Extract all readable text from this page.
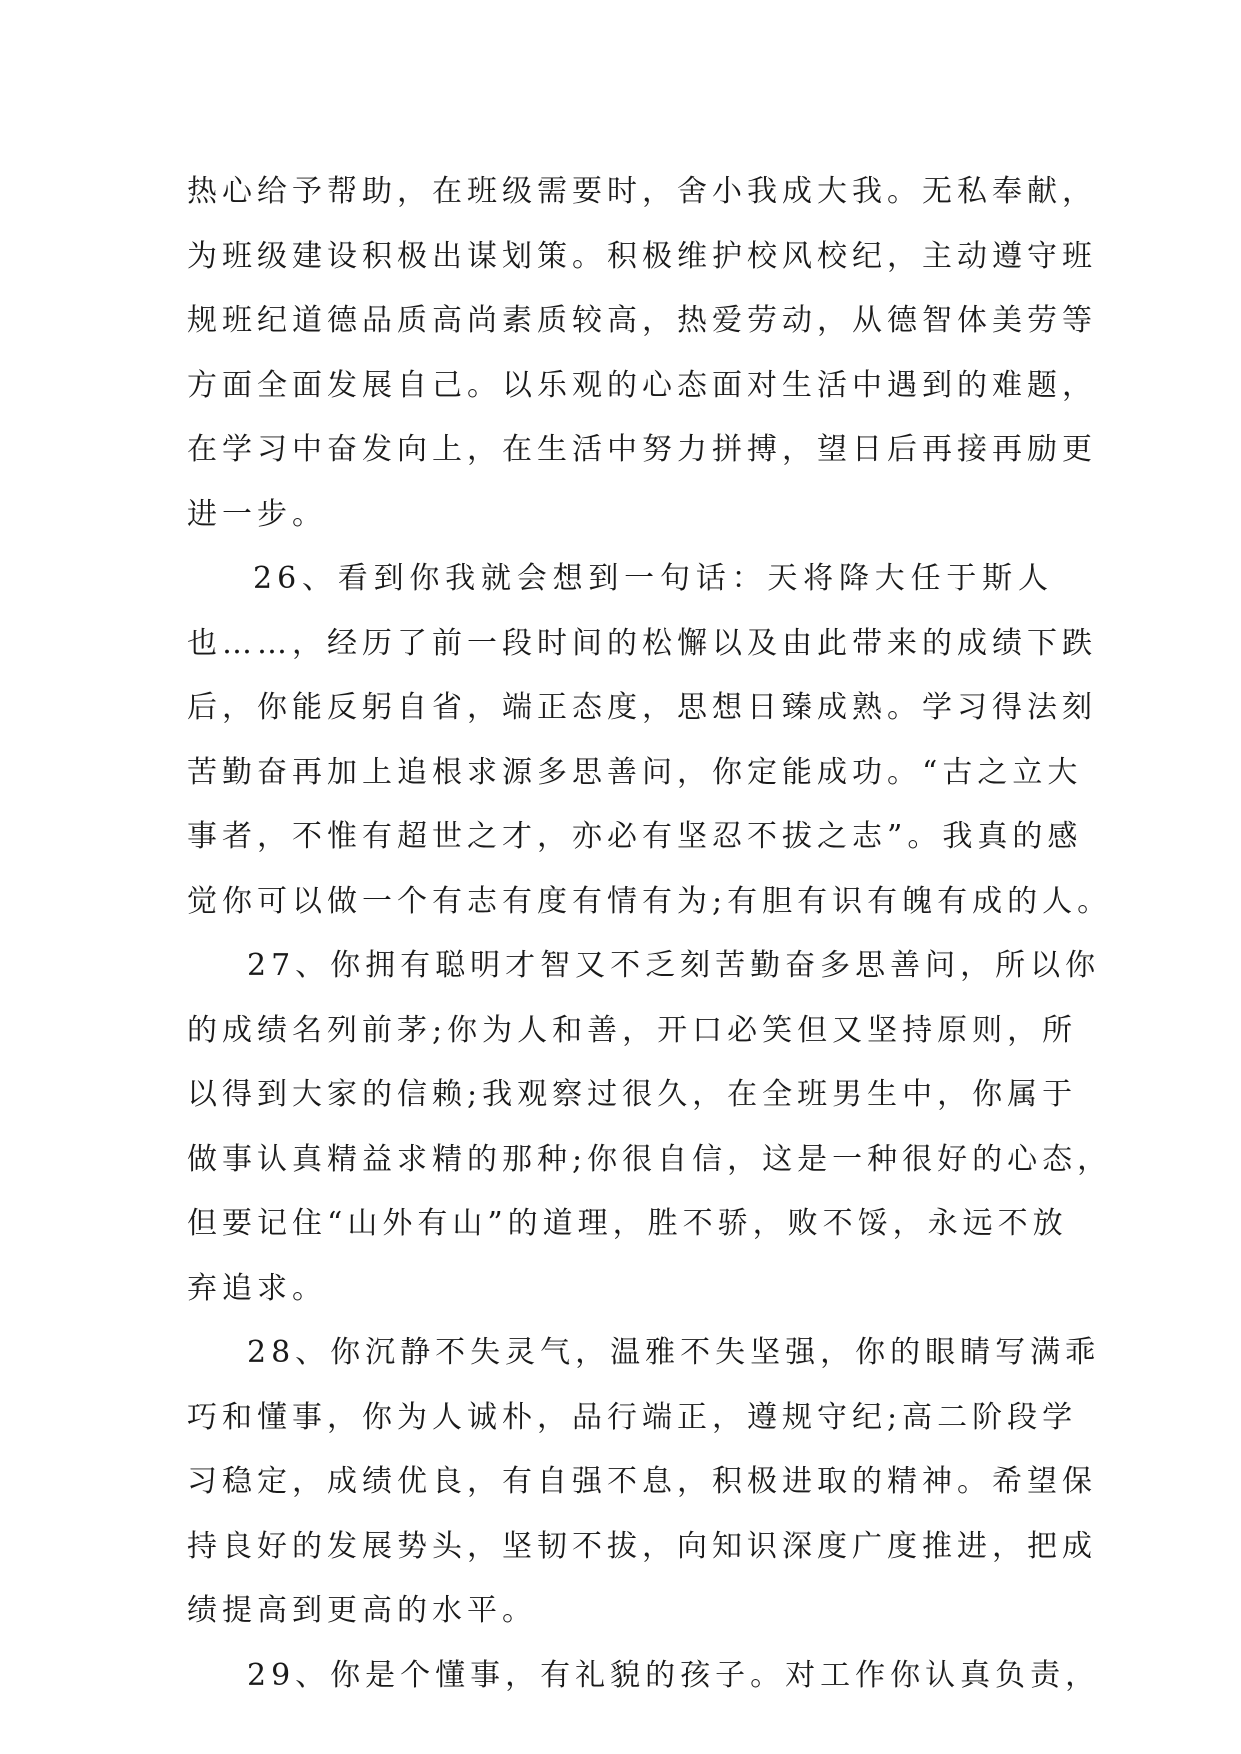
热心给予帮助，在班级需要时，舍小我成大我。无私奉献，
为班级建设积极出谋划策。积极维护校风校纪，主动遵守班
规班纪道德品质高尚素质较高，热爱劳动，从德智体美劳等
方面全面发展自己。以乐观的心态面对生活中遇到的难题，
在学习中奋发向上，在生活中努力拼搏，望日后再接再励更
进一步。
26、看到你我就会想到一句话：天将降大任于斯人
也……，经历了前一段时间的松懈以及由此带来的成绩下跌
后，你能反躬自省，端正态度，思想日臻成熟。学习得法刻
苦勤奋再加上追根求源多思善问，你定能成功。“古之立大
事者，不惟有超世之才，亦必有坚忍不拔之志”。我真的感
觉你可以做一个有志有度有情有为;有胆有识有魄有成的人。
27、你拥有聪明才智又不乏刻苦勤奋多思善问，所以你
的成绩名列前茅;你为人和善，开口必笑但又坚持原则，所
以得到大家的信赖;我观察过很久，在全班男生中，你属于
做事认真精益求精的那种;你很自信，这是一种很好的心态，
但要记住“山外有山”的道理，胜不骄，败不馁，永远不放
弃追求。
28、你沉静不失灵气，温雅不失坚强，你的眼睛写满乖
巧和懂事，你为人诚朴，品行端正，遵规守纪;高二阶段学
习稳定，成绩优良，有自强不息，积极进取的精神。希望保
持良好的发展势头，坚韧不拔，向知识深度广度推进，把成
绩提高到更高的水平。
29、你是个懂事，有礼貌的孩子。对工作你认真负责，
